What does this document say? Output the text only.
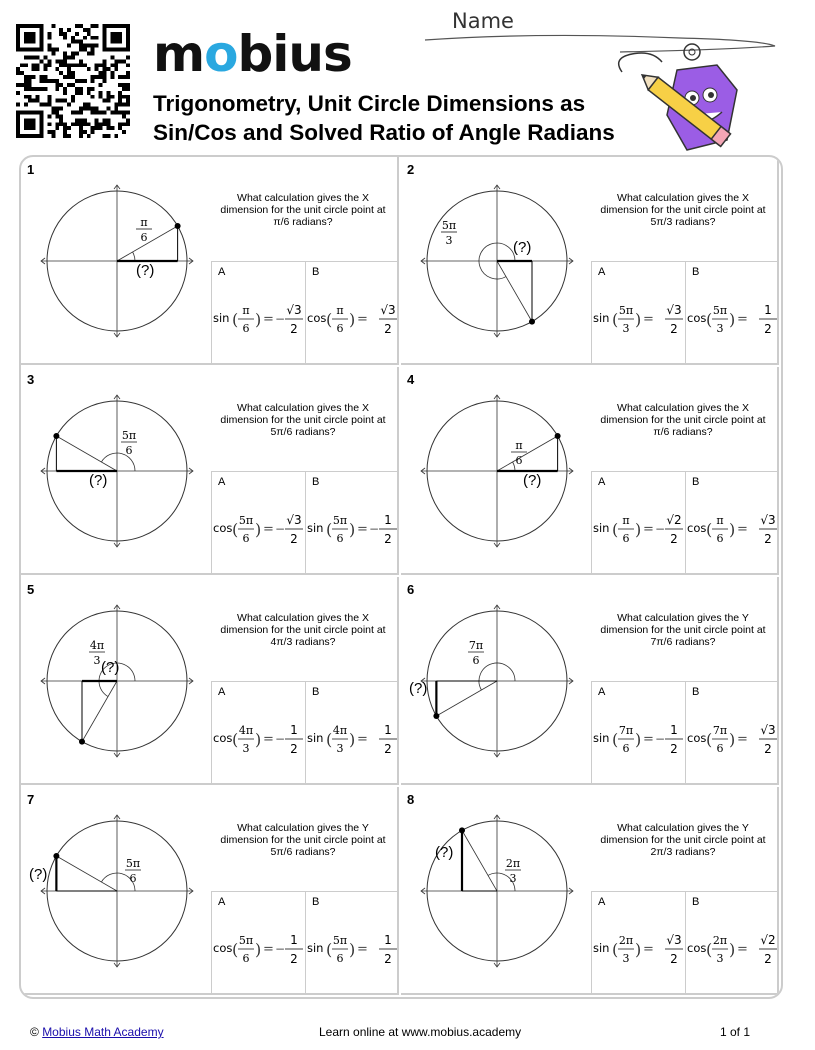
mobius
Name
Trigonometry, Unit Circle Dimensions as Sin/Cos and Solved Ratio of Angle Radians
π
6
(?)
1
What calculation gives the X dimension for the unit circle point at π/6 radians?
A
sin ( π
6 ) = −
√3
2
B
cos ( π
6 ) =
√3
2
5π
3	(?)
2
What calculation gives the X dimension for the unit circle point at 5π/3 radians?
A
sin ( 5π
3 ) =
√3
2
B
cos ( 5π
3 ) =
1
2
5π
6
(?)
3
What calculation gives the X dimension for the unit circle point at 5π/6 radians?
A
cos ( 5π
6 ) = −
√3
2
B
sin ( 5π
6 ) = −
1
2
π
6
(?)
4
What calculation gives the X dimension for the unit circle point at π/6 radians?
A
sin ( π
6 ) = −
√2
2
B
cos ( π
6 ) =
√3
2
4π
3 (?)
5
What calculation gives the X dimension for the unit circle point at 4π/3 radians?
A
cos ( 4π
3 ) = −
1
2
B
sin ( 4π
3 ) =
1
2
7π
6
(?)
6
What calculation gives the Y dimension for the unit circle point at 7π/6 radians?
A
sin ( 7π
6 ) = −
1
2
B
cos ( 7π
6 ) =
√3
2
5π
6
(?)
7
What calculation gives the Y dimension for the unit circle point at 5π/6 radians?
A
cos ( 5π
6 ) = −
1
2
B
sin ( 5π
6 ) =
1
2
2π
3
(?)
8
What calculation gives the Y dimension for the unit circle point at 2π/3 radians?
A
sin ( 2π
3 ) =
√3
2
B
cos ( 2π
3 ) =
√2
2
© Mobius Math Academy	Learn online at www.mobius.academy	1 of 1
